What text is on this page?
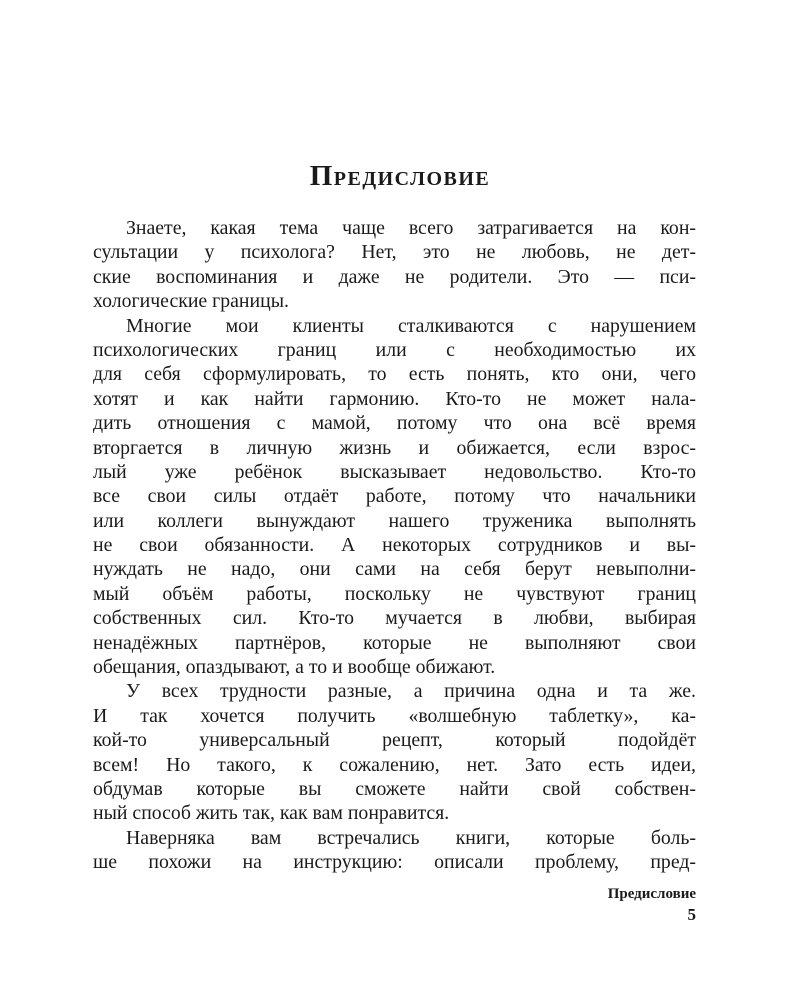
Предисловие
Знаете, какая тема чаще всего затрагивается на кон-
сультации у психолога? Нет, это не любовь, не дет-
ские воспоминания и даже не родители. Это — пси-
хологические границы.
Многие мои клиенты сталкиваются с нарушением
психологических границ или с необходимостью их
для себя сформулировать, то есть понять, кто они, чего
хотят и как найти гармонию. Кто-то не может нала-
дить отношения с мамой, потому что она всё время
вторгается в личную жизнь и обижается, если взрос-
лый уже ребёнок высказывает недовольство. Кто-то
все свои силы отдаёт работе, потому что начальники
или коллеги вынуждают нашего труженика выполнять
не свои обязанности. А некоторых сотрудников и вы-
нуждать не надо, они сами на себя берут невыполни-
мый объём работы, поскольку не чувствуют границ
собственных сил. Кто-то мучается в любви, выбирая
ненадёжных партнёров, которые не выполняют свои
обещания, опаздывают, а то и вообще обижают.
У всех трудности разные, а причина одна и та же.
И так хочется получить «волшебную таблетку», ка-
кой-то универсальный рецепт, который подойдёт
всем! Но такого, к сожалению, нет. Зато есть идеи,
обдумав которые вы сможете найти свой собствен-
ный способ жить так, как вам понравится.
Наверняка вам встречались книги, которые боль-
ше похожи на инструкцию: описали проблему, пред-
Предисловие
5
